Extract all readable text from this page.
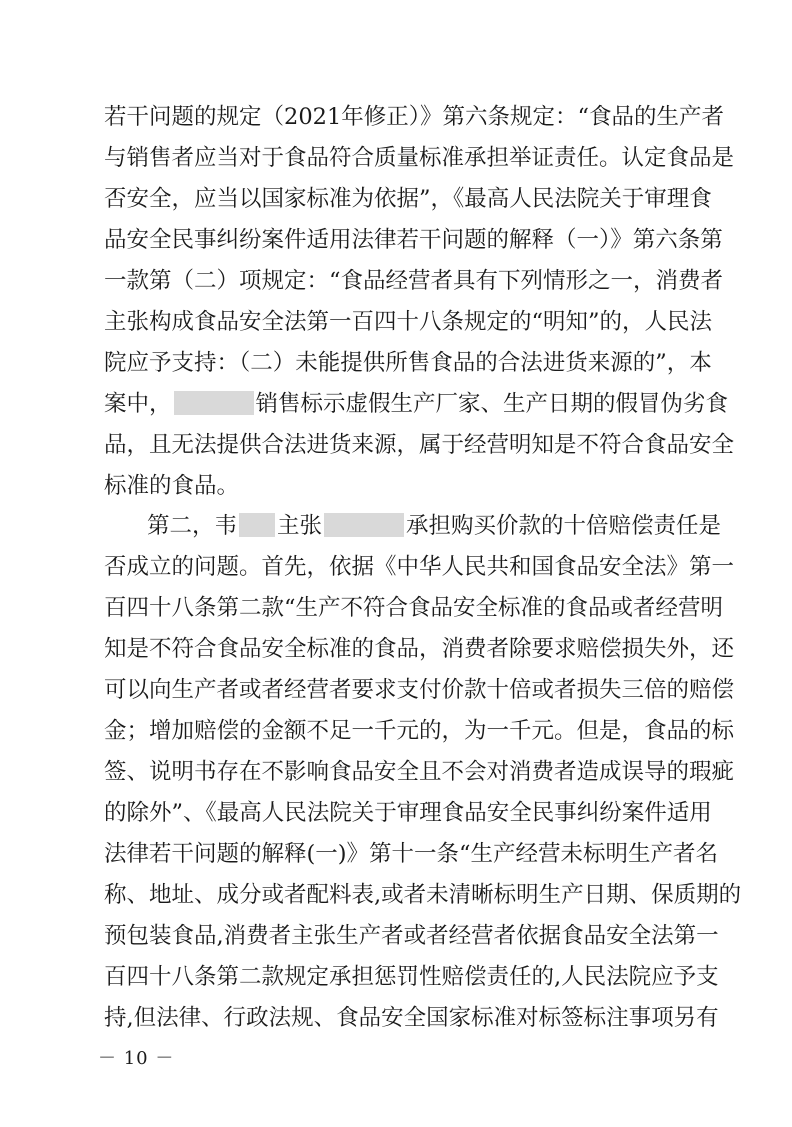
若干问题的规定（2021年修正）》第六条规定：“食品的生产者
与销售者应当对于食品符合质量标准承担举证责任。认定食品是
否安全，应当以国家标准为依据”，《最高人民法院关于审理食
品安全民事纠纷案件适用法律若干问题的解释（一）》第六条第
一款第（二）项规定：“食品经营者具有下列情形之一，消费者
主张构成食品安全法第一百四十八条规定的“明知”的，人民法
院应予支持：（二）未能提供所售食品的合法进货来源的”，本
案中，	销售标示虚假生产厂家、生产日期的假冒伪劣食
品，且无法提供合法进货来源，属于经营明知是不符合食品安全
标准的食品。
第二，韦 主张	承担购买价款的十倍赔偿责任是
否成立的问题。首先，依据《中华人民共和国食品安全法》第一
百四十八条第二款“生产不符合食品安全标准的食品或者经营明
知是不符合食品安全标准的食品，消费者除要求赔偿损失外，还
可以向生产者或者经营者要求支付价款十倍或者损失三倍的赔偿
金；增加赔偿的金额不足一千元的，为一千元。但是，食品的标
签、说明书存在不影响食品安全且不会对消费者造成误导的瑕疵
的除外”、《最高人民法院关于审理食品安全民事纠纷案件适用
法律若干问题的解释(一)》第十一条“生产经营未标明生产者名
称、地址、成分或者配料表,或者未清晰标明生产日期、保质期的
预包装食品,消费者主张生产者或者经营者依据食品安全法第一
百四十八条第二款规定承担惩罚性赔偿责任的,人民法院应予支
持,但法律、行政法规、食品安全国家标准对标签标注事项另有
－ 10 －
